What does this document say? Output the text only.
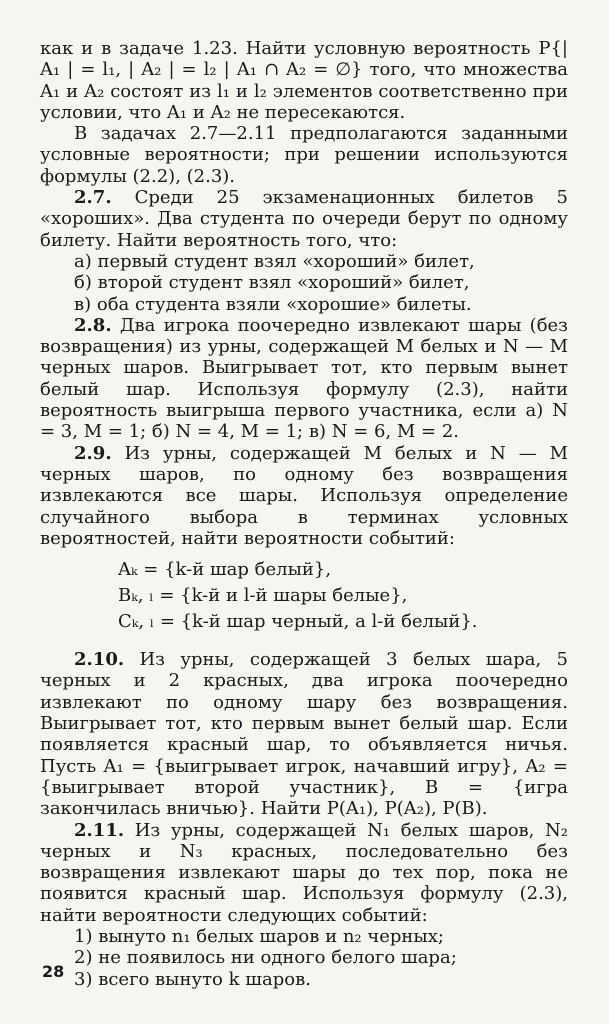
как и в задаче 1.23. Найти условную вероятность P{| A₁ | = l₁, | A₂ | = l₂ | A₁ ∩ A₂ = ∅} того, что множества A₁ и A₂ состоят из l₁ и l₂ элементов соответственно при условии, что A₁ и A₂ не пересекаются.

В задачах 2.7—2.11 предполагаются заданными условные вероятности; при решении используются формулы (2.2), (2.3).

2.7. Среди 25 экзаменационных билетов 5 «хороших». Два студента по очереди берут по одному билету. Найти вероятность того, что:

а) первый студент взял «хороший» билет,
б) второй студент взял «хороший» билет,
в) оба студента взяли «хорошие» билеты.

2.8. Два игрока поочередно извлекают шары (без возвращения) из урны, содержащей M белых и N — M черных шаров. Выигрывает тот, кто первым вынет белый шар. Используя формулу (2.3), найти вероятность выигрыша первого участника, если а) N = 3, M = 1; б) N = 4, M = 1; в) N = 6, M = 2.

2.9. Из урны, содержащей M белых и N — M черных шаров, по одному без возвращения извлекаются все шары. Используя определение случайного выбора в терминах условных вероятностей, найти вероятности событий:

Aₖ = {k-й шар белый},
Bₖ, ₗ = {k-й и l-й шары белые},
Cₖ, ₗ = {k-й шар черный, а l-й белый}.

2.10. Из урны, содержащей 3 белых шара, 5 черных и 2 красных, два игрока поочередно извлекают по одному шару без возвращения. Выигрывает тот, кто первым вынет белый шар. Если появляется красный шар, то объявляется ничья. Пусть A₁ = {выигрывает игрок, начавший игру}, A₂ = {выигрывает второй участник}, B = {игра закончилась вничью}. Найти P(A₁), P(A₂), P(B).

2.11. Из урны, содержащей N₁ белых шаров, N₂ черных и N₃ красных, последовательно без возвращения извлекают шары до тех пор, пока не появится красный шар. Используя формулу (2.3), найти вероятности следующих событий:

1) вынуто n₁ белых шаров и n₂ черных;
2) не появилось ни одного белого шара;
3) всего вынуто k шаров.
28
